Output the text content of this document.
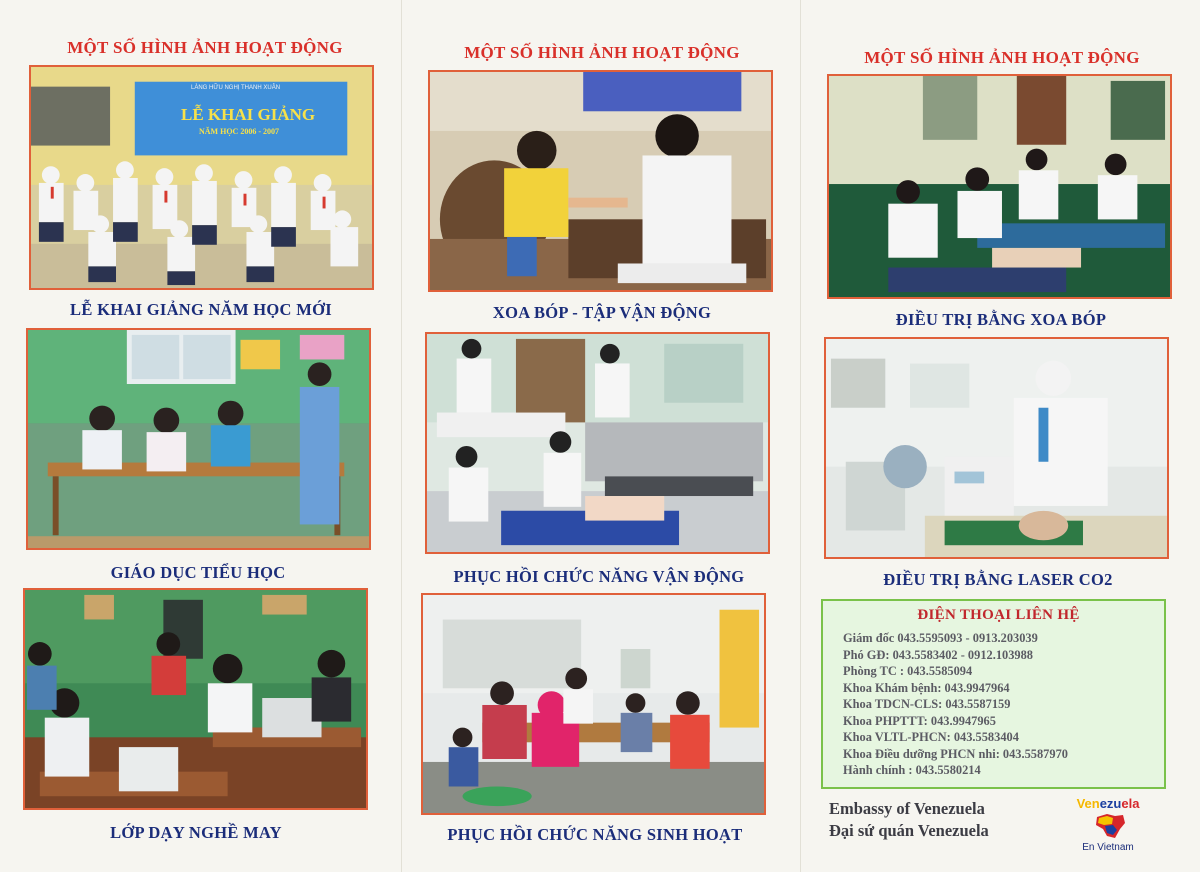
MỘT SỐ HÌNH ẢNH HOẠT ĐỘNG
LÀNG HỮU NGHỊ THANH XUÂN
LỄ KHAI GIẢNG
NĂM HỌC 2006 - 2007
LỄ KHAI GIẢNG NĂM HỌC MỚI
GIÁO DỤC TIỂU HỌC
LỚP DẠY NGHỀ MAY
MỘT SỐ HÌNH ẢNH HOẠT ĐỘNG
XOA BÓP - TẬP VẬN ĐỘNG
PHỤC HỒI CHỨC NĂNG VẬN ĐỘNG
PHỤC HỒI CHỨC NĂNG SINH HOẠT
MỘT SỐ HÌNH ẢNH HOẠT ĐỘNG
ĐIỀU TRỊ BẰNG XOA BÓP
ĐIỀU TRỊ BẰNG LASER CO2
ĐIỆN THOẠI LIÊN HỆ
Giám đốc 043.5595093 - 0913.203039
Phó GĐ: 043.5583402 - 0912.103988
Phòng TC : 043.5585094
Khoa Khám bệnh: 043.9947964
Khoa TDCN-CLS: 043.5587159
Khoa PHPTTT: 043.9947965
Khoa VLTL-PHCN: 043.5583404
Khoa Điều dưỡng PHCN nhi: 043.5587970
Hành chính : 043.5580214
Embassy of Venezuela
Đại sứ quán Venezuela
Venezuela
En Vietnam
